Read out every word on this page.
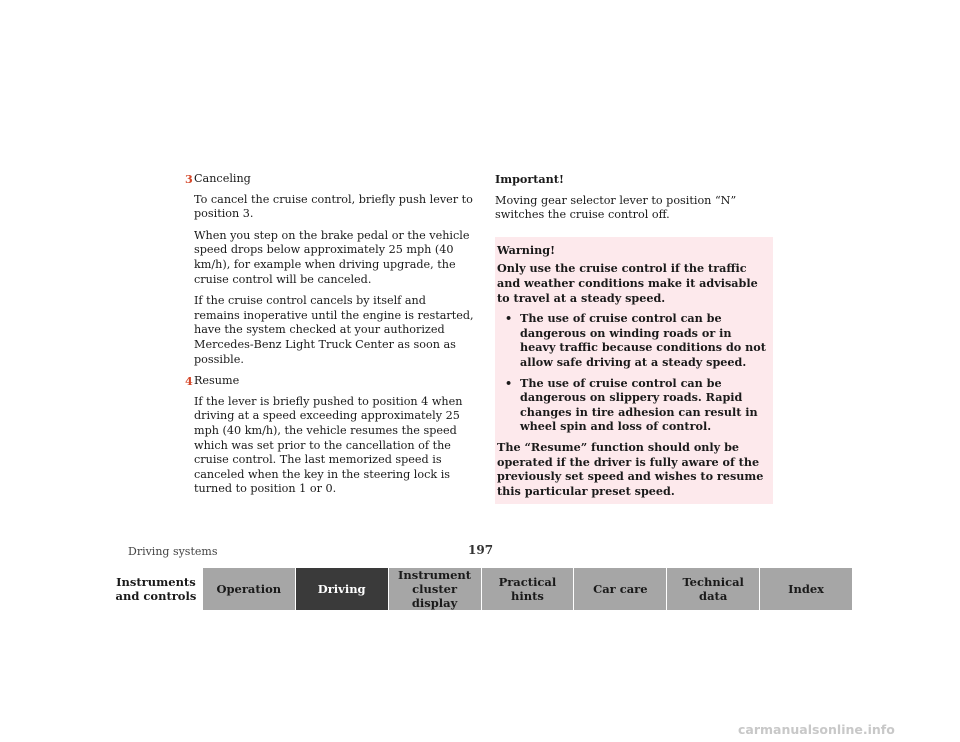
3 Canceling

To cancel the cruise control, briefly push lever to position 3.

When you step on the brake pedal or the vehicle speed drops below approximately 25 mph (40 km/h), for example when driving upgrade, the cruise control will be canceled.

If the cruise control cancels by itself and remains inoperative until the engine is restarted, have the system checked at your authorized Mercedes-Benz Light Truck Center as soon as possible.

4 Resume

If the lever is briefly pushed to position 4 when driving at a speed exceeding approximately 25 mph (40 km/h), the vehicle resumes the speed which was set prior to the cancellation of the cruise control. The last memorized speed is canceled when the key in the steering lock is turned to position 1 or 0.

Important!

Moving gear selector lever to position “N” switches the cruise control off.

Warning!

Only use the cruise control if the traffic and weather conditions make it advisable to travel at a steady speed.

• The use of cruise control can be dangerous on winding roads or in heavy traffic because conditions do not allow safe driving at a steady speed.
• The use of cruise control can be dangerous on slippery roads. Rapid changes in tire adhesion can result in wheel spin and loss of control.

The “Resume” function should only be operated if the driver is fully aware of the previously set speed and wishes to resume this particular preset speed.

Driving systems	197
Instruments
and controls	Operation	Driving
Instrument
cluster display
Practical hints	Car care	Technical
data	Index
carmanualsonline.info
